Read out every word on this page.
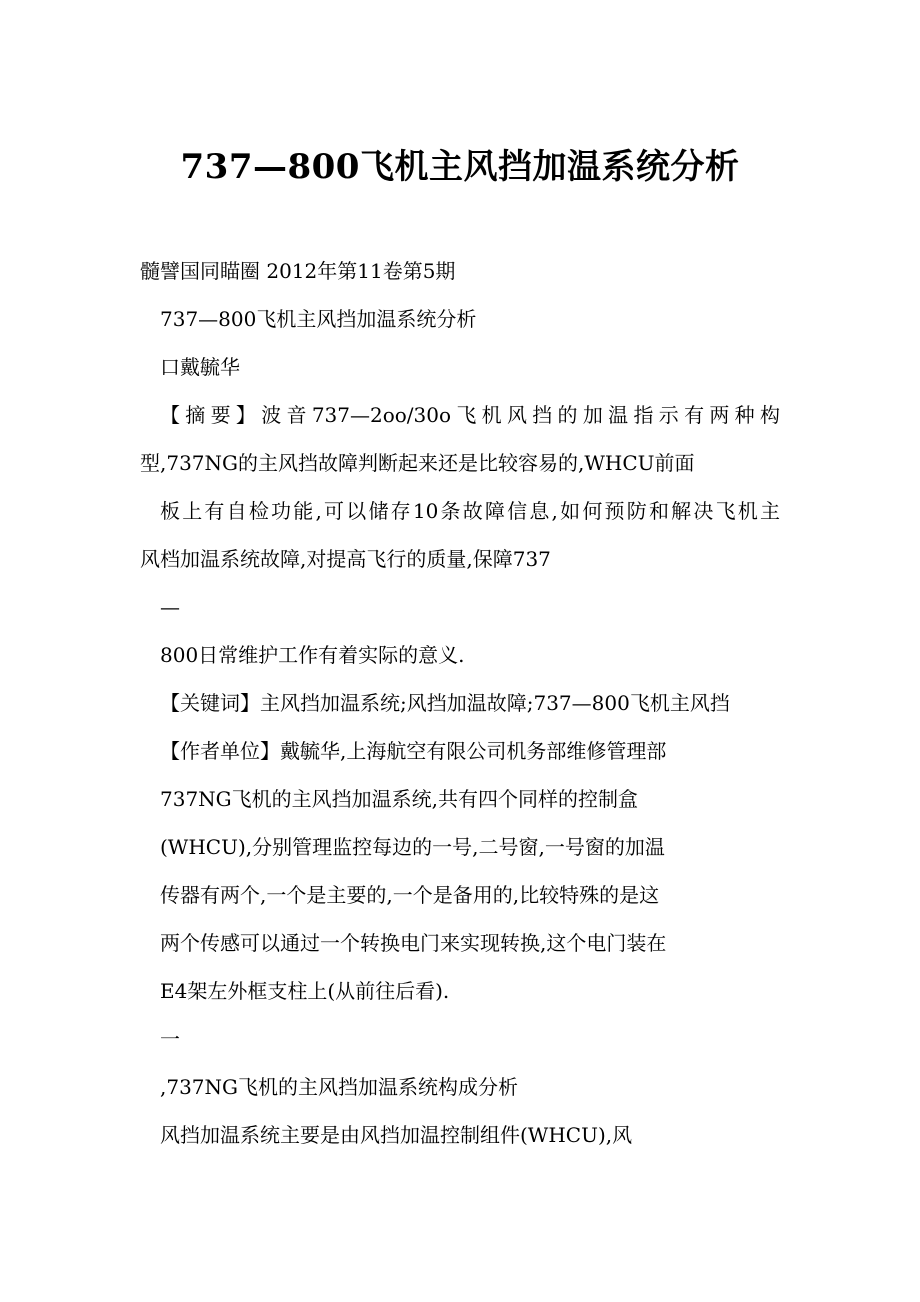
737—800飞机主风挡加温系统分析
髓譬国同瞄圈 2012年第11卷第5期
737—800飞机主风挡加温系统分析
口戴毓华
【摘要】波音737—2oo/30o飞机风挡的加温指示有两种构
型,737NG的主风挡故障判断起来还是比较容易的,WHCU前面
板上有自检功能,可以储存10条故障信息,如何预防和解决飞机主
风档加温系统故障,对提高飞行的质量,保障737
—
800日常维护工作有着实际的意义.
【关键词】主风挡加温系统;风挡加温故障;737—800飞机主风挡
【作者单位】戴毓华,上海航空有限公司机务部维修管理部
737NG飞机的主风挡加温系统,共有四个同样的控制盒
(WHCU),分别管理监控每边的一号,二号窗,一号窗的加温
传器有两个,一个是主要的,一个是备用的,比较特殊的是这
两个传感可以通过一个转换电门来实现转换,这个电门装在
E4架左外框支柱上(从前往后看).
一
,737NG飞机的主风挡加温系统构成分析
风挡加温系统主要是由风挡加温控制组件(WHCU),风
